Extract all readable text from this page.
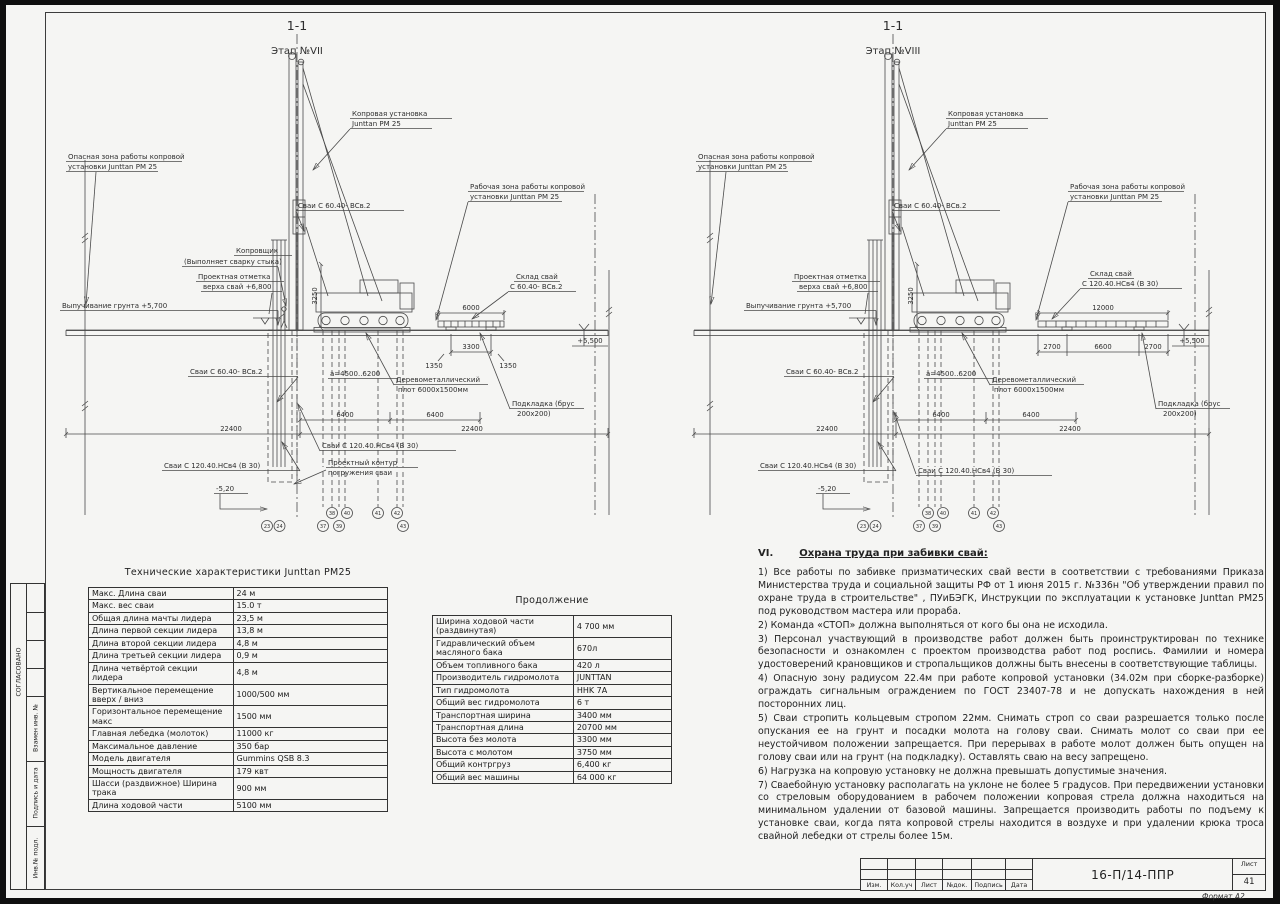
1-1
Этап №VII
3250
6000
3300
1350	1350
+5,500
Опасная зона работы копровой
установки Junttan PM 25
Копровая установка
Junttan PM 25
Сваи С 60.40- ВСв.2
Рабочая зона работы копровой
установки Junttan PM 25
Копровщик
(Выполняет сварку стыка)
Проектная отметка
верха свай +6,800
Выпучивание грунта +5,700
Склад свай
С 60.40- ВСв.2
Сваи С 60.40- ВСв.2	а=4500..6200
Деревометаллический
плот 6000х1500мм
Подкладка (брус
200х200)
6400	6400
22400	22400
Сваи С 120.40.НСв4 (В 30)
Сваи С 120.40.НСв4 (В 30)	Проектный контур
погружения сваи
-5,20
23 24	37
38
39
40	41	42
43
1-1
Этап №VIII
3250
12000
2700	6600	2700
+5,500
Опасная зона работы копровой
установки Junttan PM 25
Копровая установка
Junttan PM 25
Сваи С 60.40- ВСв.2
Рабочая зона работы копровой
установки Junttan PM 25
Проектная отметка
верха свай +6,800
Выпучивание грунта +5,700
Склад свай
С 120.40.НСв4 (В 30)
Сваи С 60.40- ВСв.2	а=4500..6200
Деревометаллический
плот 6000х1500мм
Подкладка (брус
200х200)
6400	6400
22400	22400
Сваи С 120.40.НСв4 (В 30)
Сваи С 120.40.НСв4 (В 30)
-5,20
23 24	37
38
39
40	41	42
43
Технические характеристики Junttan PM25
Макс. Длина сваи	24 м
Макс. вес сваи	15.0 т
Общая длина мачты лидера	23,5 м
Длина первой секции лидера	13,8 м
Длина второй секции лидера	4,8 м
Длина третьей секции лидера	0,9 м
Длина четвёртой секции лидера	4,8 м
Вертикальное перемещение вверх / вниз	1000/500 мм
Горизонтальное перемещение макс	1500 мм
Главная лебедка (молоток)	11000 кг
Максимальное давление	350 бар
Модель двигателя	Gummins QSB 8.3
Мощность двигателя	179 квт
Шасси (раздвижное) Ширина трака	900 мм
Длина ходовой части	5100 мм
Продолжение
Ширина ходовой части (раздвинутая)	4 700 мм
Гидравлический объем масляного бака	670л
Объем топливного бака	420 л
Производитель гидромолота	JUNTTAN
Тип гидромолота	HHK 7A
Общий вес гидромолота	6 т
Транспортная ширина	3400 мм
Транспортная длина	20700 мм
Высота без молота	3300 мм
Высота с молотом	3750 мм
Общий контргруз	6,400 кг
Общий вес машины	64 000 кг
VI.	Охрана труда при забивки свай:
1) Все работы по забивке призматических свай вести в соответствии с требованиями Приказа Министерства труда и социальной защиты РФ от 1 июня 2015 г. №336н "Об утверждении правил по охране труда в строительстве" , ПУиБЭГК, Инструкции по эксплуатации к установке Junttan PM25 под руководством мастера или прораба.
2) Команда «СТОП» должна выполняться от кого бы она не исходила.
3) Персонал участвующий в производстве работ должен быть проинструктирован по технике безопасности и ознакомлен с проектом производства работ под роспись. Фамилии и номера удостоверений крановщиков и стропальщиков должны быть внесены в соответствующие таблицы.
4) Опасную зону радиусом 22.4м при работе копровой установки (34.02м при сборке-разборке) ограждать сигнальным ограждением по ГОСТ 23407-78 и не допускать нахождения в ней посторонних лиц.
5) Сваи стропить кольцевым стропом 22мм. Снимать строп со сваи разрешается только после опускания ее на грунт и посадки молота на голову сваи. Снимать молот со сваи при ее неустойчивом положении запрещается. При перерывах в работе молот должен быть опущен на голову сваи или на грунт (на подкладку). Оставлять сваю на весу запрещено.
6) Нагрузка на копровую установку не должна превышать допустимые значения.
7) Сваебойную установку располагать на уклоне не более 5 градусов. При передвижении установки со стреловым оборудованием в рабочем положении копровая стрела должна находиться на минимальном удалении от базовой машины. Запрещается производить работы по подъему к установке сваи, когда пята копровой стрелы находится в воздухе и при удалении крюка троса свайной лебедки от стрелы более 15м.
Изм.	Кол.уч	Лист	№док.	Подпись	Дата
16-П/14-ППР
Лист
41
Формат А2
СОГЛАСОВАНО
Взамен инв. №
Подпись и дата
Инв.№ подл.
